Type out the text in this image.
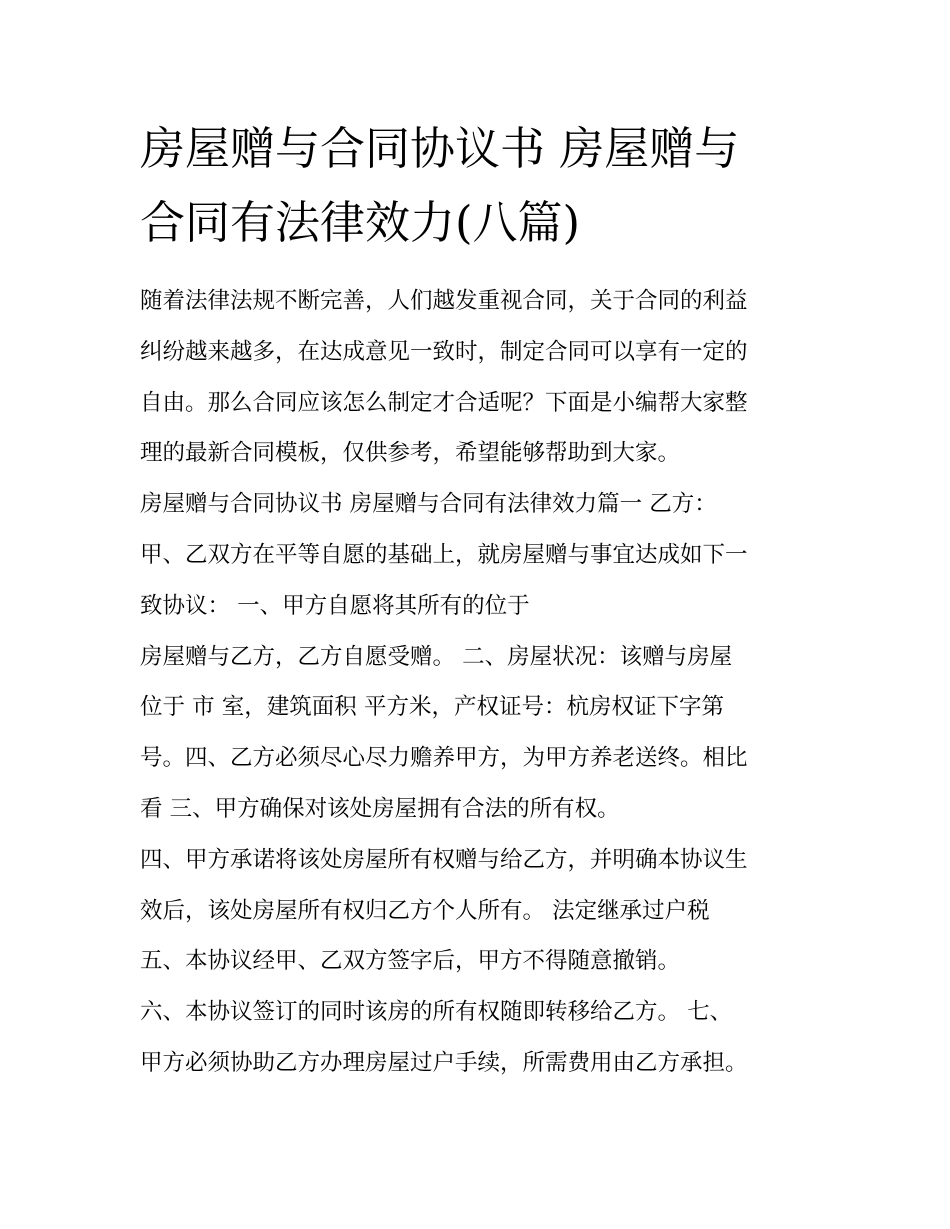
房屋赠与合同协议书 房屋赠与
合同有法律效力(八篇)
随着法律法规不断完善，人们越发重视合同，关于合同的利益
纠纷越来越多，在达成意见一致时，制定合同可以享有一定的
自由。那么合同应该怎么制定才合适呢？下面是小编帮大家整
理的最新合同模板，仅供参考，希望能够帮助到大家。
房屋赠与合同协议书 房屋赠与合同有法律效力篇一 乙方：
甲、乙双方在平等自愿的基础上，就房屋赠与事宜达成如下一
致协议： 一、甲方自愿将其所有的位于
房屋赠与乙方，乙方自愿受赠。 二、房屋状况：该赠与房屋
位于 市 室，建筑面积 平方米，产权证号：杭房权证下字第
号。四、乙方必须尽心尽力赡养甲方，为甲方养老送终。相比
看 三、甲方确保对该处房屋拥有合法的所有权。
四、甲方承诺将该处房屋所有权赠与给乙方，并明确本协议生
效后，该处房屋所有权归乙方个人所有。 法定继承过户税
五、本协议经甲、乙双方签字后，甲方不得随意撤销。
六、本协议签订的同时该房的所有权随即转移给乙方。 七、
甲方必须协助乙方办理房屋过户手续，所需费用由乙方承担。
